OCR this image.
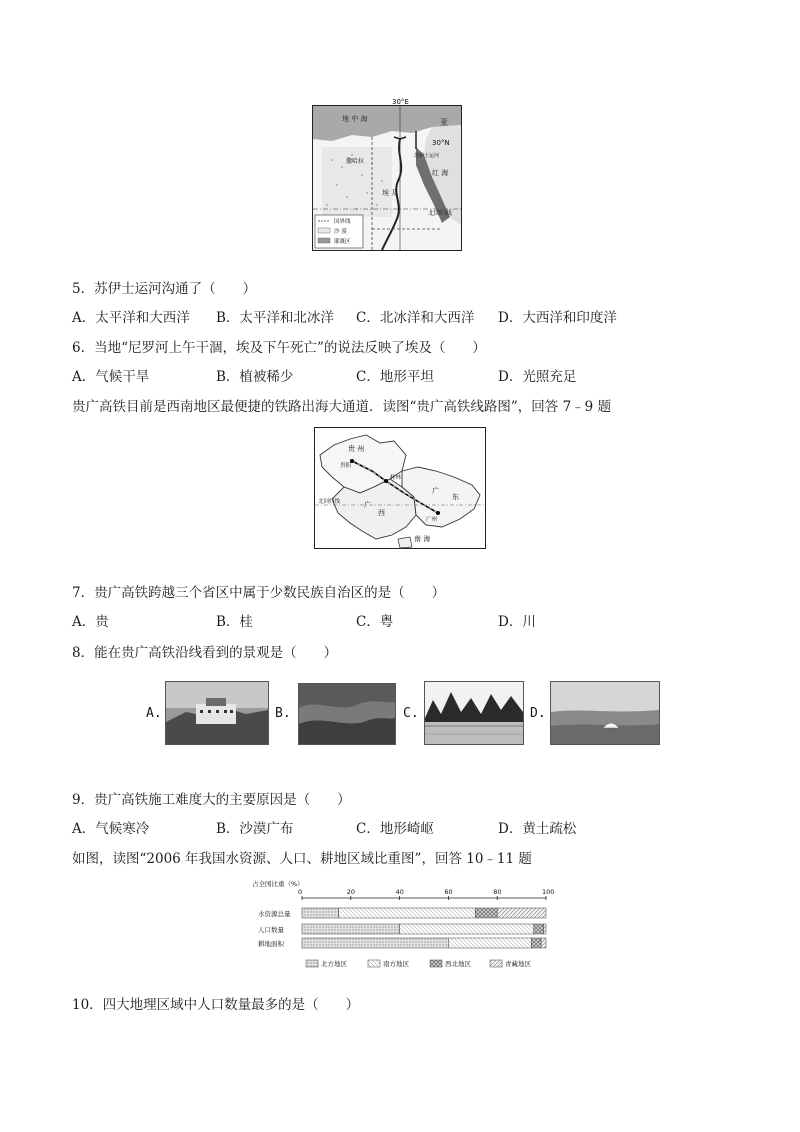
30°E
地 中 海	亚
30°N
苏伊士运河
撒哈拉
红 海
埃 及
北回归线
国界线
沙 漠
灌溉区
5．苏伊士运河沟通了（　　）
A．太平洋和大西洋 B．太平洋和北冰洋 C．北冰洋和大西洋 D．大西洋和印度洋
6．当地“尼罗河上午干涸，埃及下午死亡”的说法反映了埃及（　　）
A．气候干旱	B．植被稀少	C．地形平坦	D．光照充足
贵广高铁目前是西南地区最便捷的铁路出海大通道．读图“贵广高铁线路图”，回答 7﹣9 题
贵 州
贵阳
桂林
广
西
广
东
广州
北回归线
南 海
7．贵广高铁跨越三个省区中属于少数民族自治区的是（　　）
A．贵	B．桂	C．粤	D．川
8．能在贵广高铁沿线看到的景观是（　　）
A.	B.	C.	D.
9．贵广高铁施工难度大的主要原因是（　　）
A．气候寒冷	B．沙漠广布	C．地形崎岖	D．黄土疏松
如图，读图“2006 年我国水资源、人口、耕地区域比重图”，回答 10﹣11 题
占全国比重（%）
0	20	40	60	80	100
水资源总量
人口数量
耕地面积
北方地区	南方地区	西北地区	青藏地区
10．四大地理区域中人口数量最多的是（　　）
